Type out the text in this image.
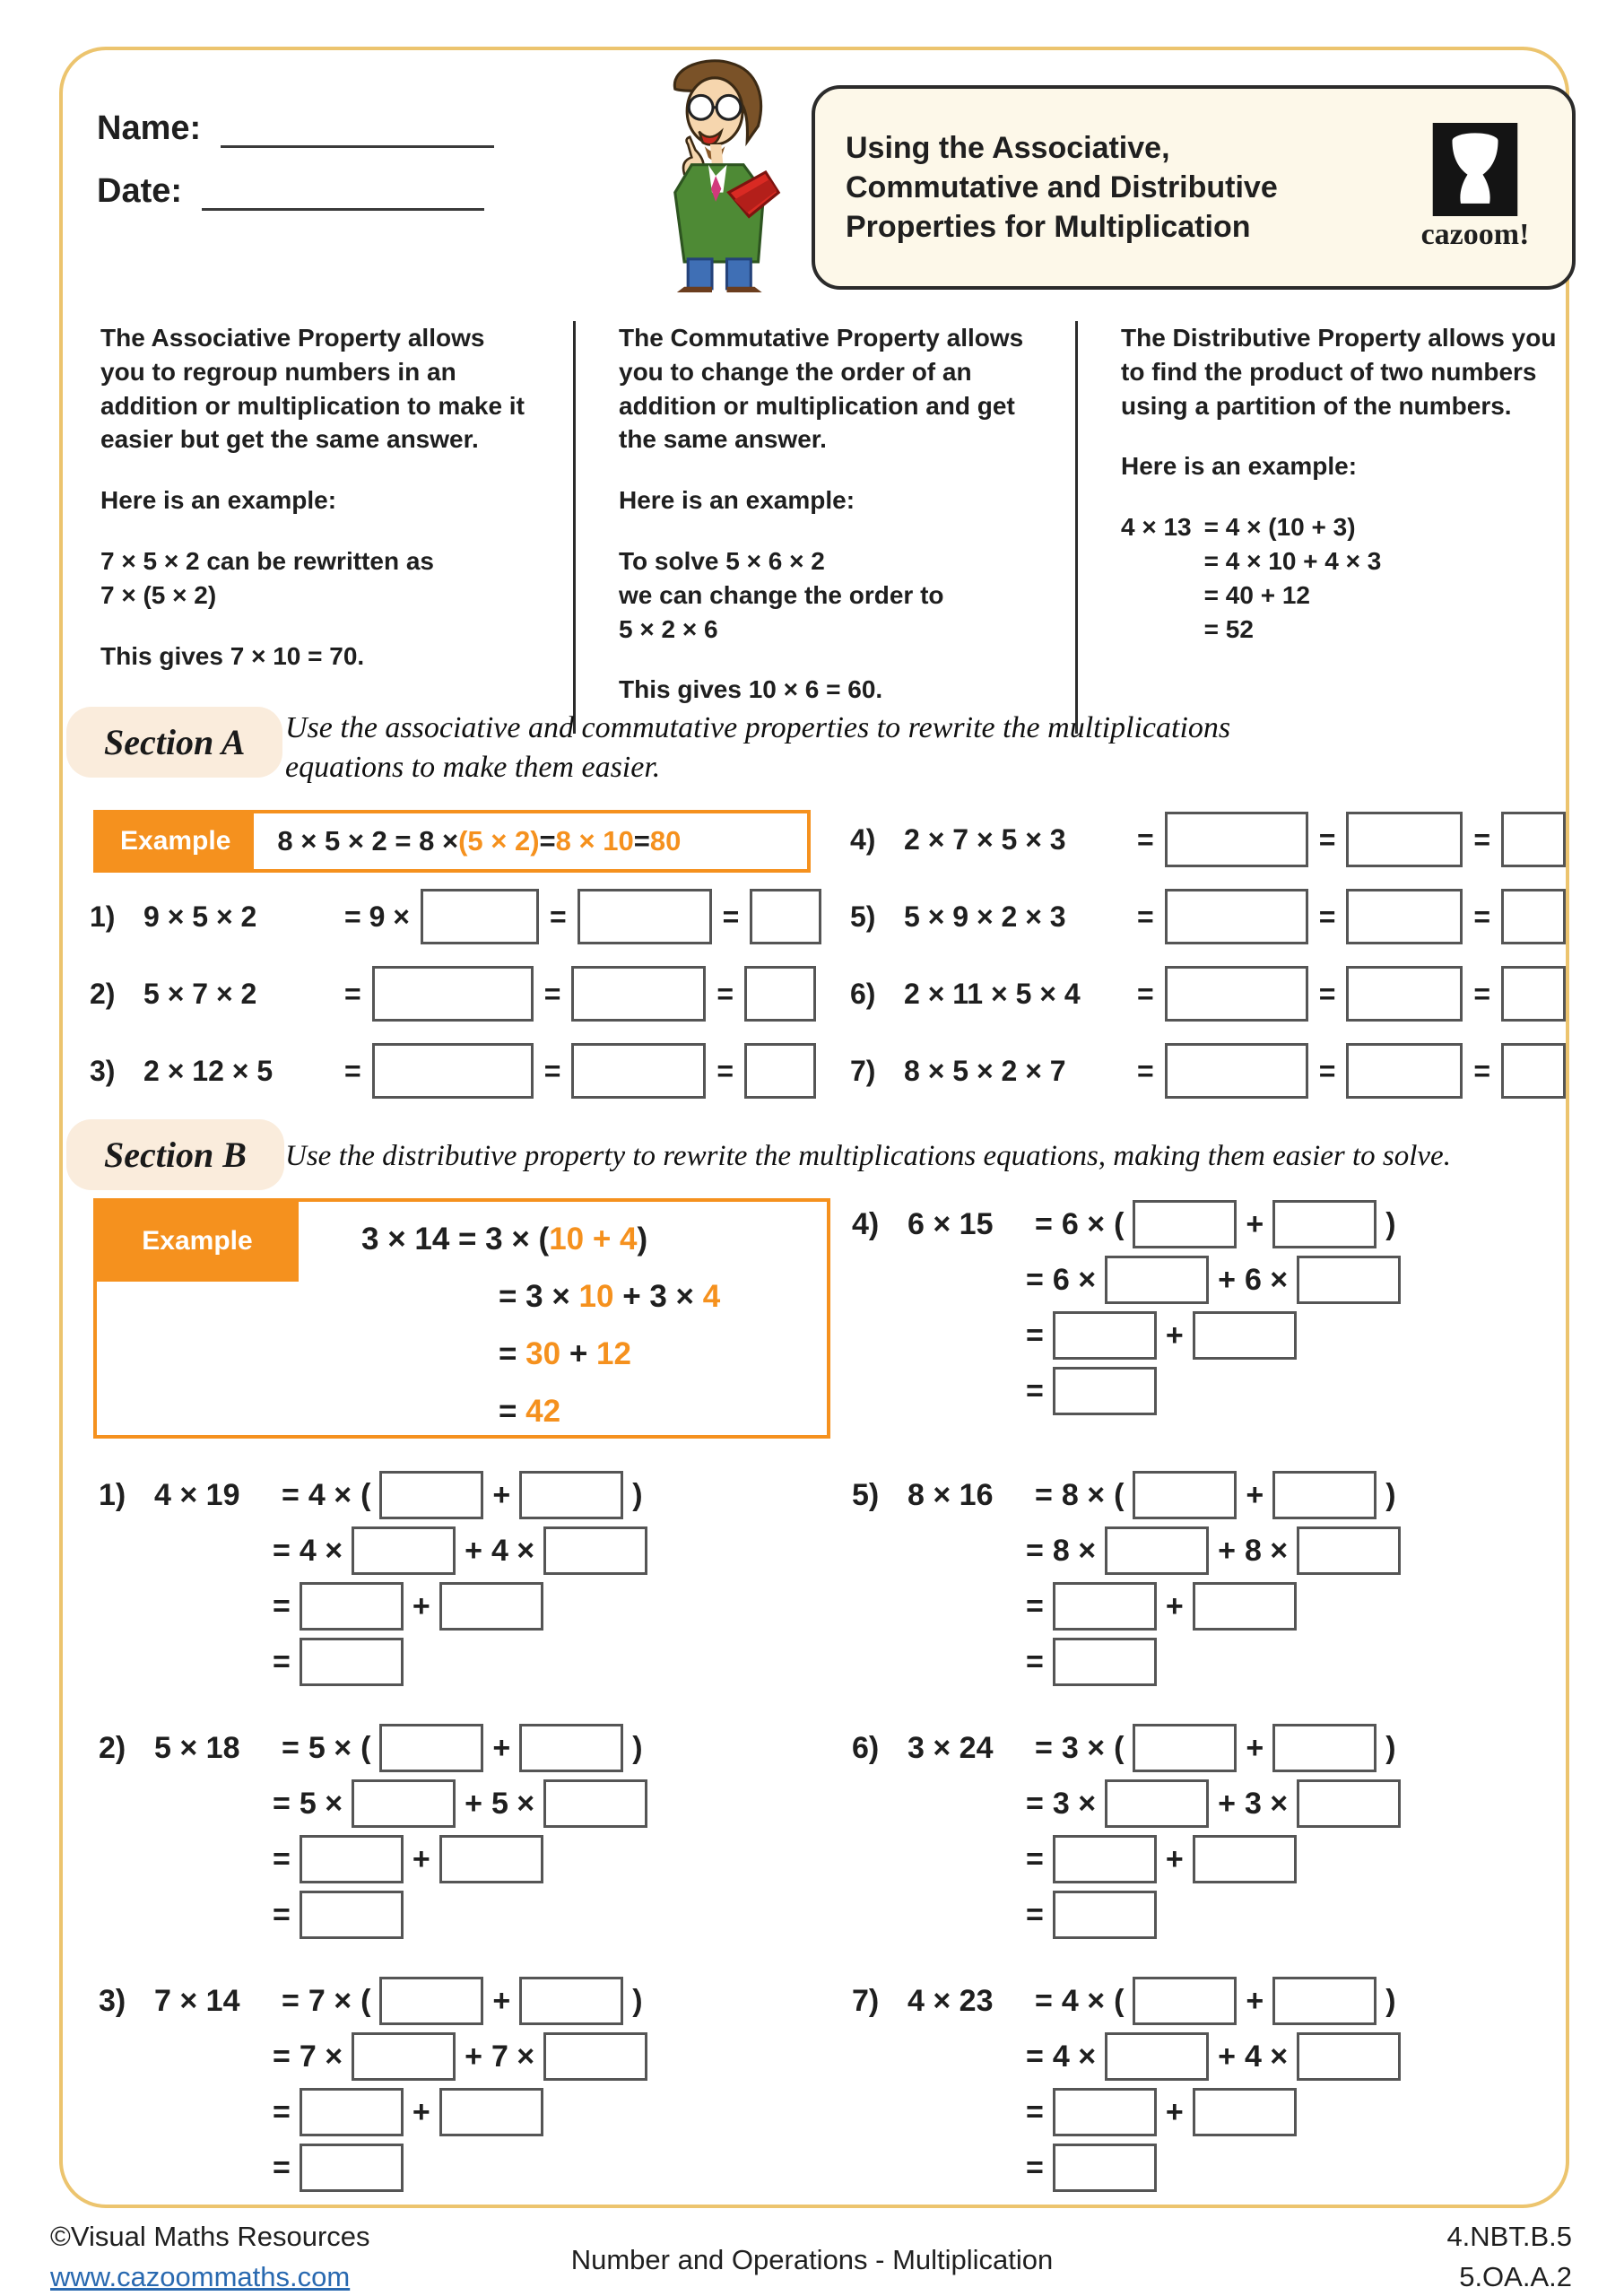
Name:
Date:
Using the Associative,
Commutative and Distributive
Properties for Multiplication	cazoom!

The Associative Property allows you to regroup numbers in an addition or multiplication to make it easier but get the same answer.

Here is an example:

7 × 5 × 2 can be rewritten as

7 × (5 × 2)

This gives 7 × 10 = 70.

The Commutative Property allows you to change the order of an addition or multiplication and get the same answer.

Here is an example:

To solve 5 × 6 × 2

we can change the order to

5 × 2 × 6

This gives 10 × 6 = 60.

The Distributive Property allows you to find the product of two numbers using a partition of the numbers.

Here is an example:

4 × 13 = 4 × (10 + 3)

= 4 × 10 + 4 × 3

= 40 + 12

= 52

Section A	Use the associative and commutative properties to rewrite the multiplications equations to make them easier.
Example	8 × 5 × 2 = 8 × (5 × 2) = 8 × 10 = 80
1) 9 × 5 × 2	= 9 ×	=	=
2) 5 × 7 × 2	=	=	=
3) 2 × 12 × 5	=	=	=
4) 2 × 7 × 5 × 3	=	=	=
5) 5 × 9 × 2 × 3	=	=	=
6) 2 × 11 × 5 × 4	=	=	=
7) 8 × 5 × 2 × 7	=	=	=
Section B	Use the distributive property to rewrite the multiplications equations, making them easier to solve.
Example	3 × 14 = 3 × (10 + 4)

= 3 × 10 + 3 × 4

= 30 + 12

= 42

1) 4 × 19	= 4 × (	+	)
= 4 ×	+ 4 ×
=	+
=
2) 5 × 18	= 5 × (	+	)
= 5 ×	+ 5 ×
=	+
=
3) 7 × 14	= 7 × (	+	)
= 7 ×	+ 7 ×
=	+
=
4) 6 × 15	= 6 × (	+	)
= 6 ×	+ 6 ×
=	+
=
5) 8 × 16	= 8 × (	+	)
= 8 ×	+ 8 ×
=	+
=
6) 3 × 24	= 3 × (	+	)
= 3 ×	+ 3 ×
=	+
=
7) 4 × 23	= 4 × (	+	)
= 4 ×	+ 4 ×
=	+
=
©Visual Maths Resources
www.cazoommaths.com
Number and Operations - Multiplication
4.NBT.B.5
5.OA.A.2
